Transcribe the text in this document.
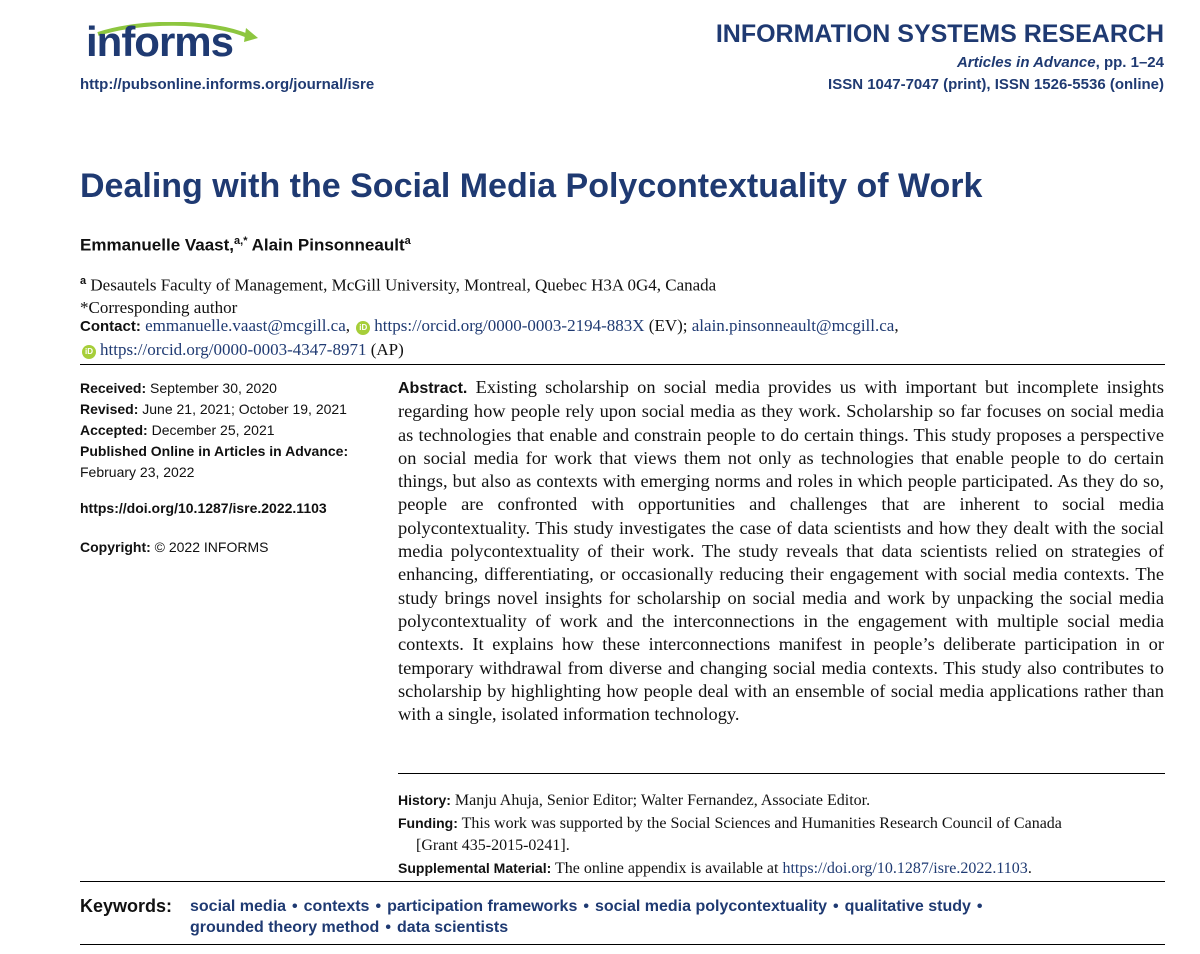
informs
http://pubsonline.informs.org/journal/isre
INFORMATION SYSTEMS RESEARCH
Articles in Advance, pp. 1–24
ISSN 1047-7047 (print), ISSN 1526-5536 (online)
Dealing with the Social Media Polycontextuality of Work
Emmanuelle Vaast,$^{a,*}$ Alain Pinsonneault$^a$
$^a$ Desautels Faculty of Management, McGill University, Montreal, Quebec H3A 0G4, Canada
*Corresponding author
Contact: emmanuelle.vaast@mcgill.ca, iD https://orcid.org/0000-0003-2194-883X (EV); alain.pinsonneault@mcgill.ca,
iD https://orcid.org/0000-0003-4347-8971 (AP)
Received: September 30, 2020
Revised: June 21, 2021; October 19, 2021
Accepted: December 25, 2021
Published Online in Articles in Advance:
February 23, 2022
https://doi.org/10.1287/isre.2022.1103
Copyright: © 2022 INFORMS
Abstract. Existing scholarship on social media provides us with important but incomplete insights regarding how people rely upon social media as they work. Scholarship so far focuses on social media as technologies that enable and constrain people to do certain things. This study proposes a perspective on social media for work that views them not only as technologies that enable people to do certain things, but also as contexts with emerging norms and roles in which people participated. As they do so, people are confronted with opportunities and challenges that are inherent to social media polycontextuality. This study investigates the case of data scientists and how they dealt with the social media polycontextuality of their work. The study reveals that data scientists relied on strategies of enhancing, differentiating, or occasionally reducing their engagement with social media contexts. The study brings novel insights for scholarship on social media and work by unpacking the social media polycontextuality of work and the interconnections in the engagement with multiple social media contexts. It explains how these interconnections manifest in people’s deliberate participation in or temporary withdrawal from diverse and changing social media contexts. This study also contributes to scholarship by highlighting how people deal with an ensemble of social media applications rather than with a single, isolated information technology.
History: Manju Ahuja, Senior Editor; Walter Fernandez, Associate Editor.
Funding: This work was supported by the Social Sciences and Humanities Research Council of Canada
[Grant 435-2015-0241].
Supplemental Material: The online appendix is available at https://doi.org/10.1287/isre.2022.1103.
Keywords: social media • contexts • participation frameworks • social media polycontextuality • qualitative study •
grounded theory method • data scientists
